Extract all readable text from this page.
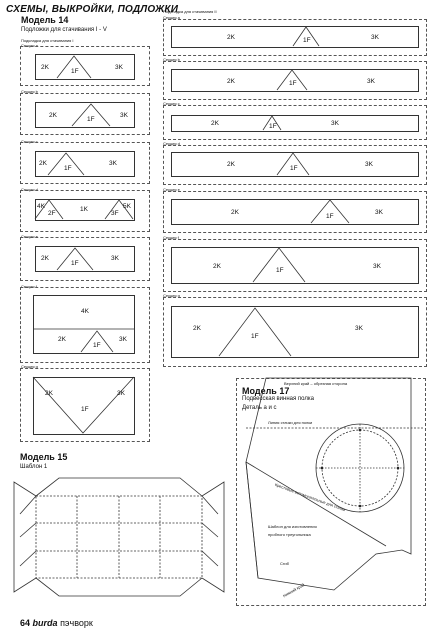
СХЕМЫ, ВЫКРОЙКИ, ПОДЛОЖКИ
Модель 14
Подложки для стачивания I - V
Подкладка для стачивания I
Секция а
2K
1F
3K
Секция b
2K
1F
3K
Секция с
2K
1F
3K
Секция d
4K
2F
1K
3F
5K
Секция е
2K
1F
3K
Секция f
4K
2K
1F
3K
Секция g
2K
1F
3K
Подкладка для стачивания II
Секция a
2K	1F	3K
Секция b
2K	1F	3K
Секция c
2K	1F	3K
Секция d
2K
1F
3K
Секция e
2K
1F
3K
Секция f
2K
1F
3K
Секция g
2K
1F
3K
Модель 15
Шаблон 1
Модель 17
Подвесская винная полка
Деталь а и с
Верхний край – обрезная сторона
Линия стачки для полки
Крестовые вспомогательные для стачки
Шаблон для изготовления
пробного треугольника
Сгиб
Нижний край
64 burda пэчворк
